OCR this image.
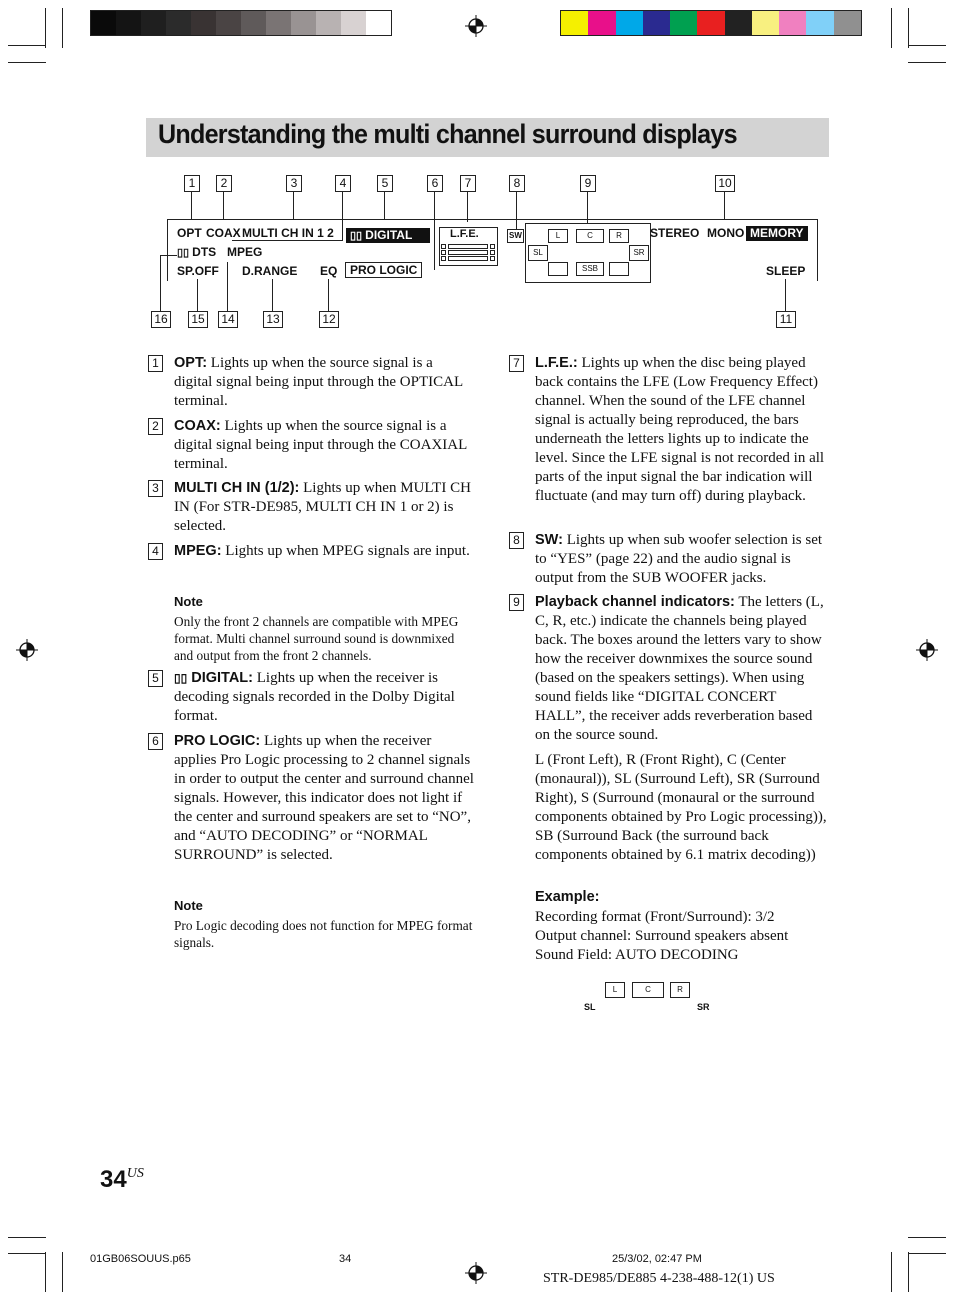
Understanding the multi channel surround displays
1	2	3	4	5	6	7	8	9	10
16 15 14	13	12	11
OPT COAX MULTI CH IN 1 2	▯▯ DIGITAL	L.F.E.	SW	L	C	R
SL	SR
SSB
STEREO MONO MEMORY
▯▯ DTS MPEG
SP.OFF D.RANGE EQ	PRO LOGIC	SLEEP
1 OPT: Lights up when the source signal is a digital signal being input through the OPTICAL terminal.
2 COAX: Lights up when the source signal is a digital signal being input through the COAXIAL terminal.
3 MULTI CH IN (1/2): Lights up when MULTI CH IN (For STR-DE985, MULTI CH IN 1 or 2) is selected.
4 MPEG: Lights up when MPEG signals are input.
Note
Only the front 2 channels are compatible with MPEG format. Multi channel surround sound is downmixed and output from the front 2 channels.
5	▯▯ DIGITAL: Lights up when the receiver is decoding signals recorded in the Dolby Digital format.
6 PRO LOGIC: Lights up when the receiver applies Pro Logic processing to 2 channel signals in order to output the center and surround channel signals. However, this indicator does not light if the center and surround speakers are set to “NO”, and “AUTO DECODING” or “NORMAL SURROUND” is selected.
Note
Pro Logic decoding does not function for MPEG format signals.
7 L.F.E.: Lights up when the disc being played back contains the LFE (Low Frequency Effect) channel. When the sound of the LFE channel signal is actually being reproduced, the bars underneath the letters lights up to indicate the level. Since the LFE signal is not recorded in all parts of the input signal the bar indication will fluctuate (and may turn off) during playback.
8 SW: Lights up when sub woofer selection is set to “YES” (page 22) and the audio signal is output from the SUB WOOFER jacks.
9 Playback channel indicators: The letters (L, C, R, etc.) indicate the channels being played back. The boxes around the letters vary to show how the receiver downmixes the source sound (based on the speakers settings). When using sound fields like “DIGITAL CONCERT HALL”, the receiver adds reverberation based on the source sound.
L (Front Left), R (Front Right), C (Center (monaural)), SL (Surround Left), SR (Surround Right), S (Surround (monaural or the surround components obtained by Pro Logic processing)), SB (Surround Back (the surround back components obtained by 6.1 matrix decoding))
Example:
Recording format (Front/Surround): 3/2
Output channel: Surround speakers absent
Sound Field: AUTO DECODING
L	C	R
SL	SR
$34^{US}$
01GB06SOUUS.p65	34	25/3/02, 02:47 PM
STR-DE985/DE885 4-238-488-12(1) US
